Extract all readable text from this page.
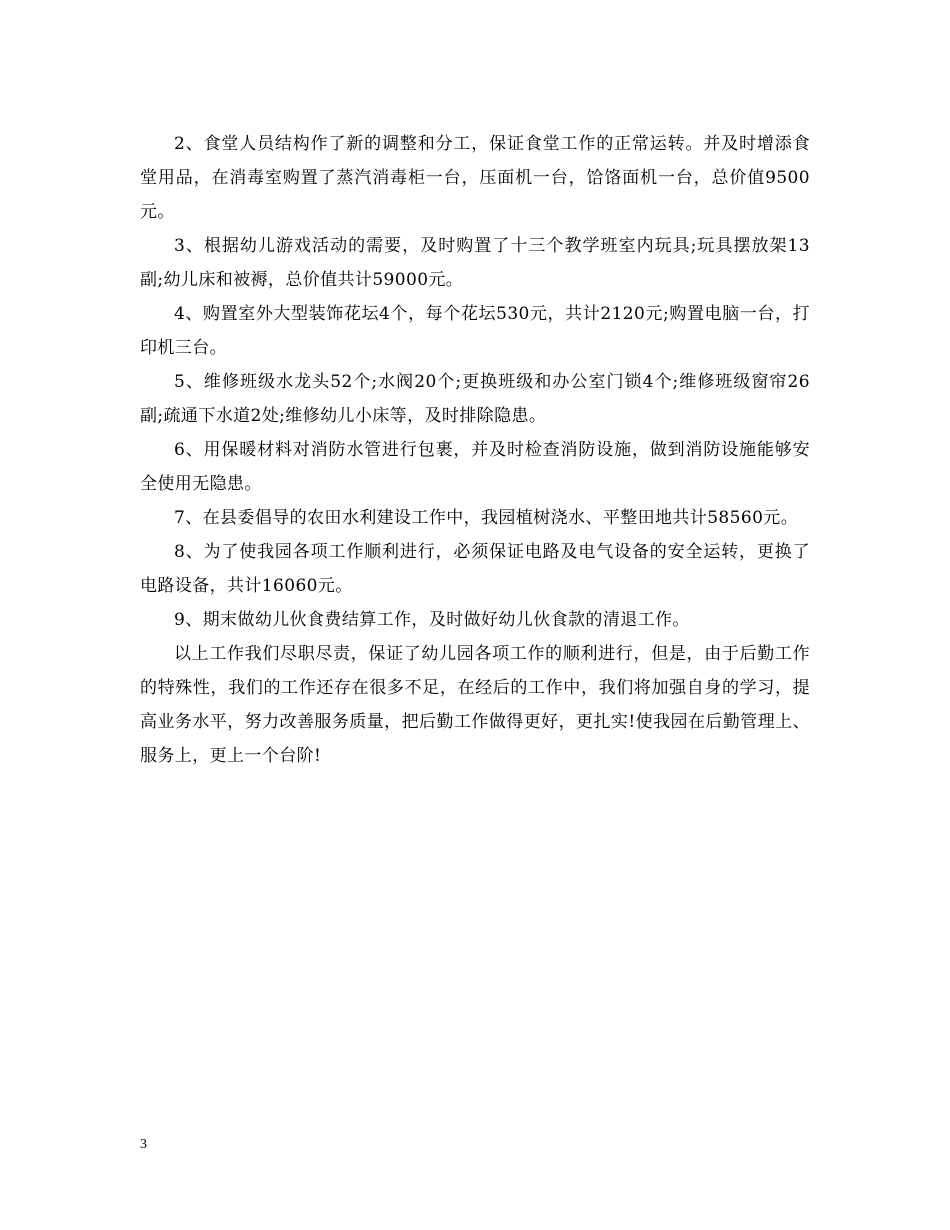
2、食堂人员结构作了新的调整和分工，保证食堂工作的正常运转。并及时增添食堂用品，在消毒室购置了蒸汽消毒柜一台，压面机一台，饸饹面机一台，总价值9500元。

3、根据幼儿游戏活动的需要，及时购置了十三个教学班室内玩具;玩具摆放架13副;幼儿床和被褥，总价值共计59000元。

4、购置室外大型装饰花坛4个，每个花坛530元，共计2120元;购置电脑一台，打印机三台。

5、维修班级水龙头52个;水阀20个;更换班级和办公室门锁4个;维修班级窗帘26副;疏通下水道2处;维修幼儿小床等，及时排除隐患。

6、用保暖材料对消防水管进行包裹，并及时检查消防设施，做到消防设施能够安全使用无隐患。

7、在县委倡导的农田水利建设工作中，我园植树浇水、平整田地共计58560元。

8、为了使我园各项工作顺利进行，必须保证电路及电气设备的安全运转，更换了电路设备，共计16060元。

9、期末做幼儿伙食费结算工作，及时做好幼儿伙食款的清退工作。

以上工作我们尽职尽责，保证了幼儿园各项工作的顺利进行，但是，由于后勤工作的特殊性，我们的工作还存在很多不足，在经后的工作中，我们将加强自身的学习，提高业务水平，努力改善服务质量，把后勤工作做得更好，更扎实!使我园在后勤管理上、服务上，更上一个台阶!

3
